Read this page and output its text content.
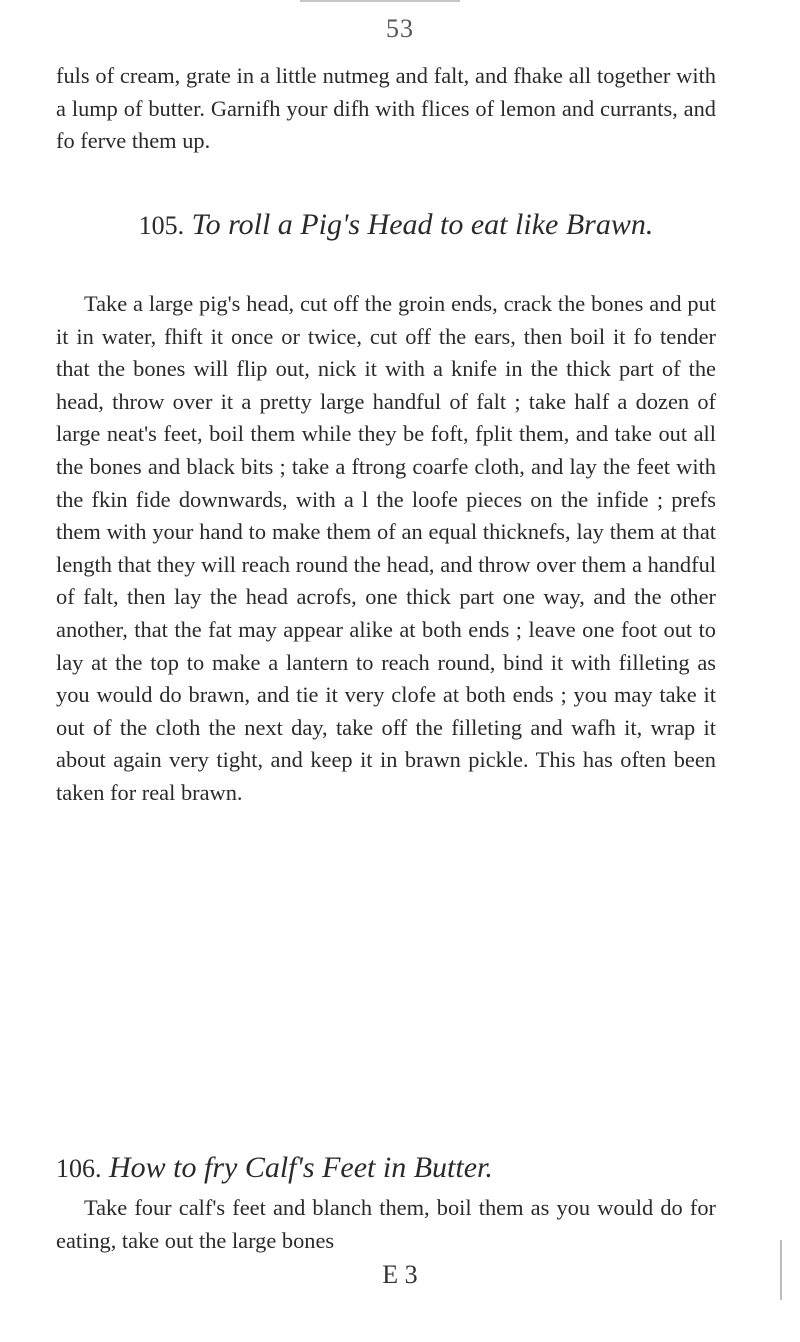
53

fuls of cream, grate in a little nutmeg and falt, and fhake all together with a lump of butter. Garnifh your difh with flices of lemon and currants, and fo ferve them up.

105. To roll a Pig's Head to eat like Brawn.

Take a large pig's head, cut off the groin ends, crack the bones and put it in water, fhift it once or twice, cut off the ears, then boil it fo tender that the bones will flip out, nick it with a knife in the thick part of the head, throw over it a pretty large handful of falt ; take half a dozen of large neat's feet, boil them while they be foft, fplit them, and take out all the bones and black bits ; take a ftrong coarfe cloth, and lay the feet with the fkin fide downwards, with a l the loofe pieces on the infide ; prefs them with your hand to make them of an equal thicknefs, lay them at that length that they will reach round the head, and throw over them a handful of falt, then lay the head acrofs, one thick part one way, and the other another, that the fat may appear alike at both ends ; leave one foot out to lay at the top to make a lantern to reach round, bind it with filleting as you would do brawn, and tie it very clofe at both ends ; you may take it out of the cloth the next day, take off the filleting and wafh it, wrap it about again very tight, and keep it in brawn pickle. This has often been taken for real brawn.

106. How to fry Calf's Feet in Butter.

Take four calf's feet and blanch them, boil them as you would do for eating, take out the large bones

E 3
